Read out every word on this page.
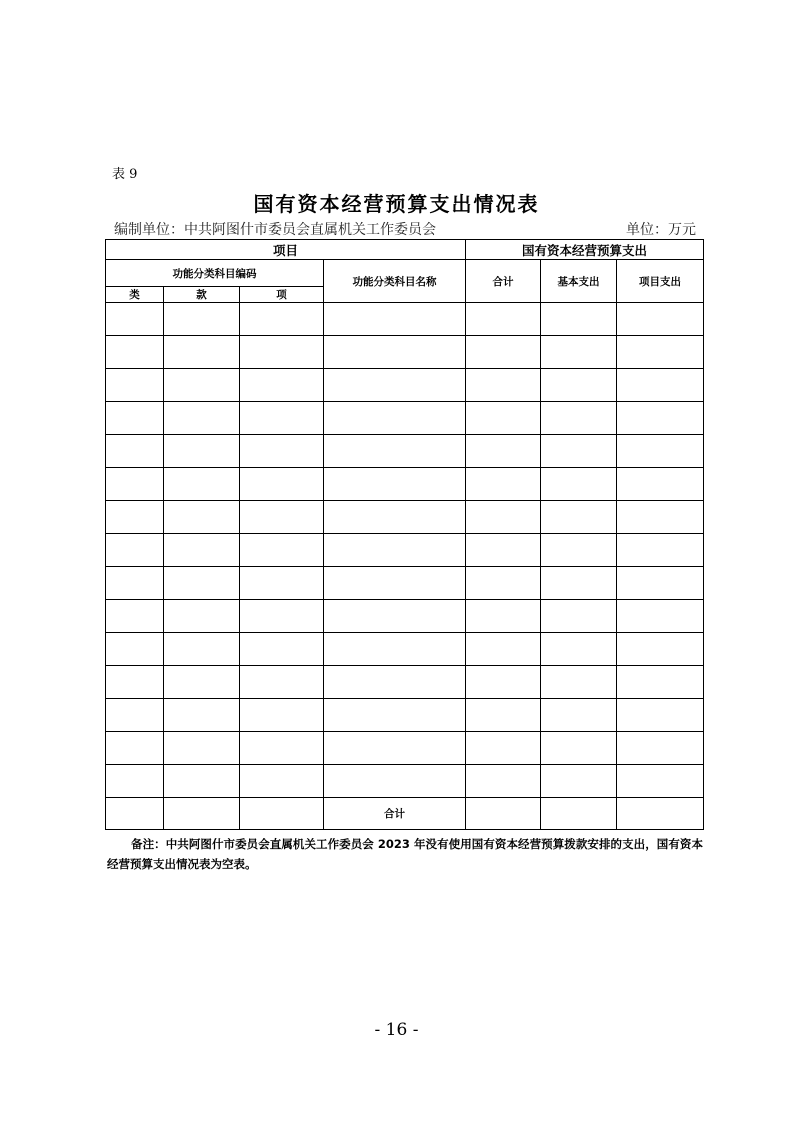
表 9
国有资本经营预算支出情况表
编制单位：中共阿图什市委员会直属机关工作委员会	单位：万元
项目				国有资本经营预算支出		
功能分类科目编码			功能分类科目名称	合计	基本支出	项目支出
类	款	项				

			合计			
备注：中共阿图什市委员会直属机关工作委员会 2023 年没有使用国有资本经营预算拨款安排的支出，国有资本经营预算支出情况表为空表。
- 16 -
